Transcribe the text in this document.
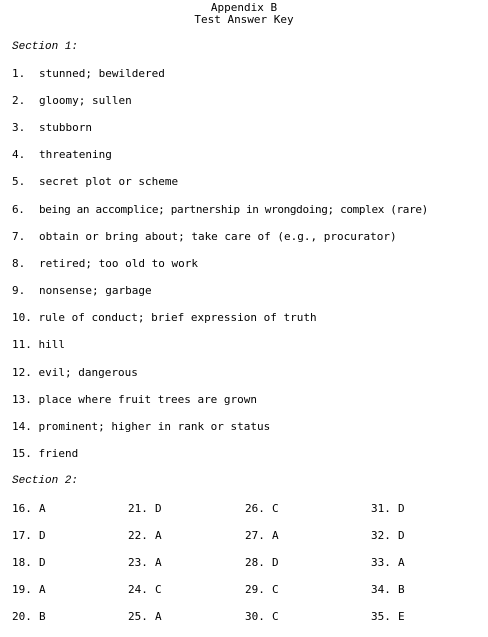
Appendix B
Test Answer Key
Section 1:
1. stunned; bewildered
2. gloomy; sullen
3. stubborn
4. threatening
5. secret plot or scheme
6. being an accomplice; partnership in wrongdoing; complex (rare)
7. obtain or bring about; take care of (e.g., procurator)
8. retired; too old to work
9. nonsense; garbage
10. rule of conduct; brief expression of truth
11. hill
12. evil; dangerous
13. place where fruit trees are grown
14. prominent; higher in rank or status
15. friend
Section 2:
16. A	21. D	26. C	31. D
17. D	22. A	27. A	32. D
18. D	23. A	28. D	33. A
19. A	24. C	29. C	34. B
20. B	25. A	30. C	35. E
